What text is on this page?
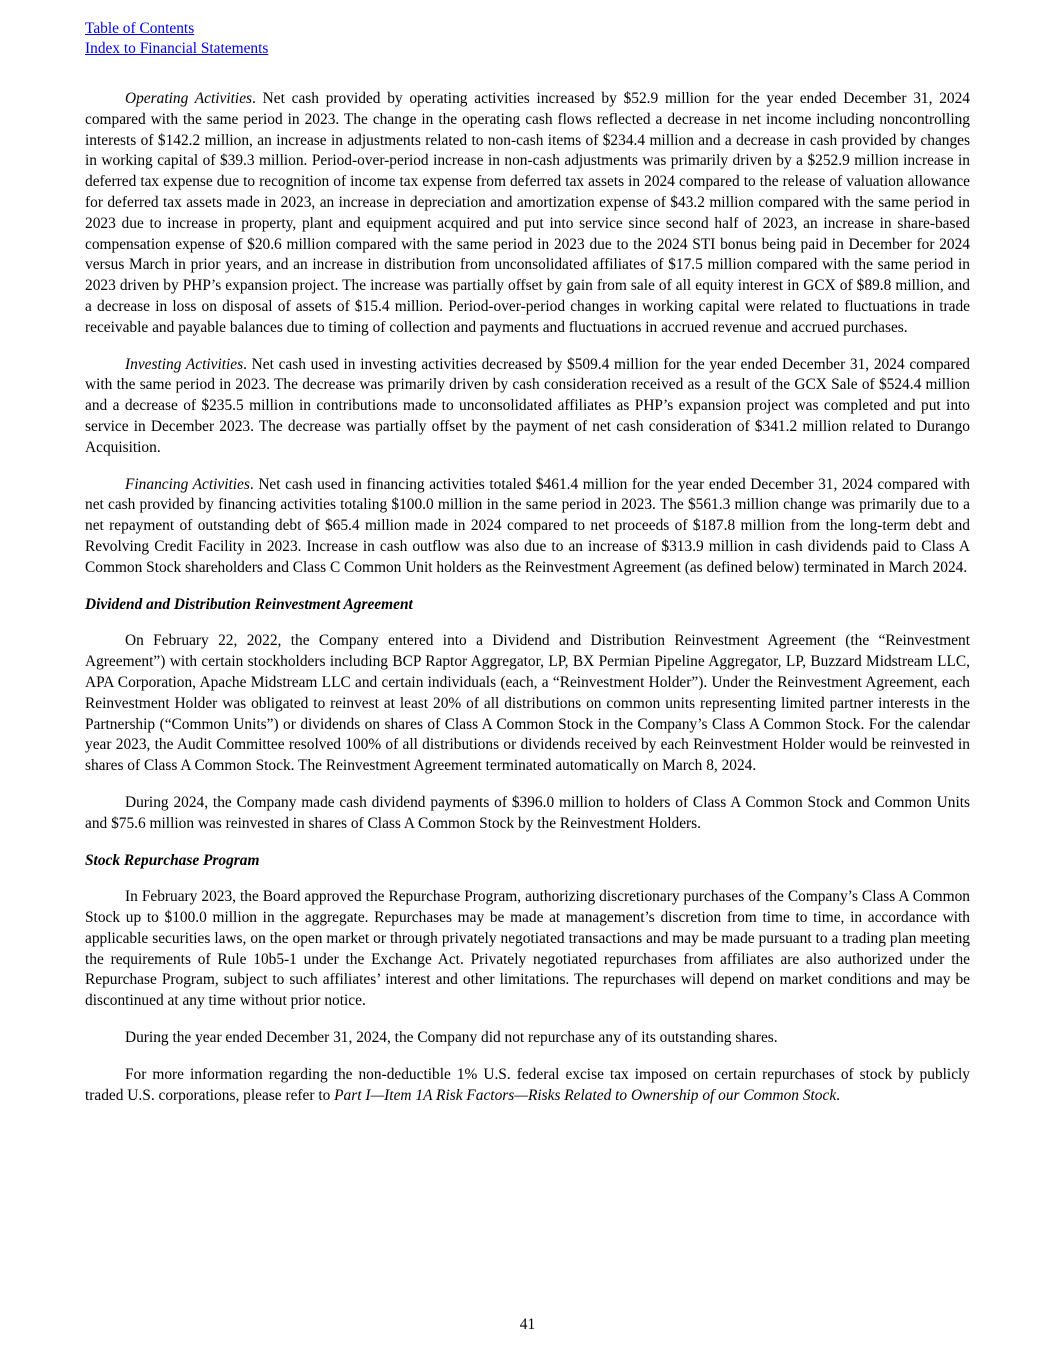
Table of Contents
Index to Financial Statements

Operating Activities. Net cash provided by operating activities increased by $52.9 million for the year ended December 31, 2024 compared with the same period in 2023. The change in the operating cash flows reflected a decrease in net income including noncontrolling interests of $142.2 million, an increase in adjustments related to non-cash items of $234.4 million and a decrease in cash provided by changes in working capital of $39.3 million. Period-over-period increase in non-cash adjustments was primarily driven by a $252.9 million increase in deferred tax expense due to recognition of income tax expense from deferred tax assets in 2024 compared to the release of valuation allowance for deferred tax assets made in 2023, an increase in depreciation and amortization expense of $43.2 million compared with the same period in 2023 due to increase in property, plant and equipment acquired and put into service since second half of 2023, an increase in share-based compensation expense of $20.6 million compared with the same period in 2023 due to the 2024 STI bonus being paid in December for 2024 versus March in prior years, and an increase in distribution from unconsolidated affiliates of $17.5 million compared with the same period in 2023 driven by PHP’s expansion project. The increase was partially offset by gain from sale of all equity interest in GCX of $89.8 million, and a decrease in loss on disposal of assets of $15.4 million. Period-over-period changes in working capital were related to fluctuations in trade receivable and payable balances due to timing of collection and payments and fluctuations in accrued revenue and accrued purchases.

Investing Activities. Net cash used in investing activities decreased by $509.4 million for the year ended December 31, 2024 compared with the same period in 2023. The decrease was primarily driven by cash consideration received as a result of the GCX Sale of $524.4 million and a decrease of $235.5 million in contributions made to unconsolidated affiliates as PHP’s expansion project was completed and put into service in December 2023. The decrease was partially offset by the payment of net cash consideration of $341.2 million related to Durango Acquisition.

Financing Activities. Net cash used in financing activities totaled $461.4 million for the year ended December 31, 2024 compared with net cash provided by financing activities totaling $100.0 million in the same period in 2023. The $561.3 million change was primarily due to a net repayment of outstanding debt of $65.4 million made in 2024 compared to net proceeds of $187.8 million from the long-term debt and Revolving Credit Facility in 2023. Increase in cash outflow was also due to an increase of $313.9 million in cash dividends paid to Class A Common Stock shareholders and Class C Common Unit holders as the Reinvestment Agreement (as defined below) terminated in March 2024.

Dividend and Distribution Reinvestment Agreement

On February 22, 2022, the Company entered into a Dividend and Distribution Reinvestment Agreement (the “Reinvestment Agreement”) with certain stockholders including BCP Raptor Aggregator, LP, BX Permian Pipeline Aggregator, LP, Buzzard Midstream LLC, APA Corporation, Apache Midstream LLC and certain individuals (each, a “Reinvestment Holder”). Under the Reinvestment Agreement, each Reinvestment Holder was obligated to reinvest at least 20% of all distributions on common units representing limited partner interests in the Partnership (“Common Units”) or dividends on shares of Class A Common Stock in the Company’s Class A Common Stock. For the calendar year 2023, the Audit Committee resolved 100% of all distributions or dividends received by each Reinvestment Holder would be reinvested in shares of Class A Common Stock. The Reinvestment Agreement terminated automatically on March 8, 2024.

During 2024, the Company made cash dividend payments of $396.0 million to holders of Class A Common Stock and Common Units and $75.6 million was reinvested in shares of Class A Common Stock by the Reinvestment Holders.

Stock Repurchase Program

In February 2023, the Board approved the Repurchase Program, authorizing discretionary purchases of the Company’s Class A Common Stock up to $100.0 million in the aggregate. Repurchases may be made at management’s discretion from time to time, in accordance with applicable securities laws, on the open market or through privately negotiated transactions and may be made pursuant to a trading plan meeting the requirements of Rule 10b5-1 under the Exchange Act. Privately negotiated repurchases from affiliates are also authorized under the Repurchase Program, subject to such affiliates’ interest and other limitations. The repurchases will depend on market conditions and may be discontinued at any time without prior notice.

During the year ended December 31, 2024, the Company did not repurchase any of its outstanding shares.

For more information regarding the non-deductible 1% U.S. federal excise tax imposed on certain repurchases of stock by publicly traded U.S. corporations, please refer to Part I—Item 1A Risk Factors—Risks Related to Ownership of our Common Stock.

41
